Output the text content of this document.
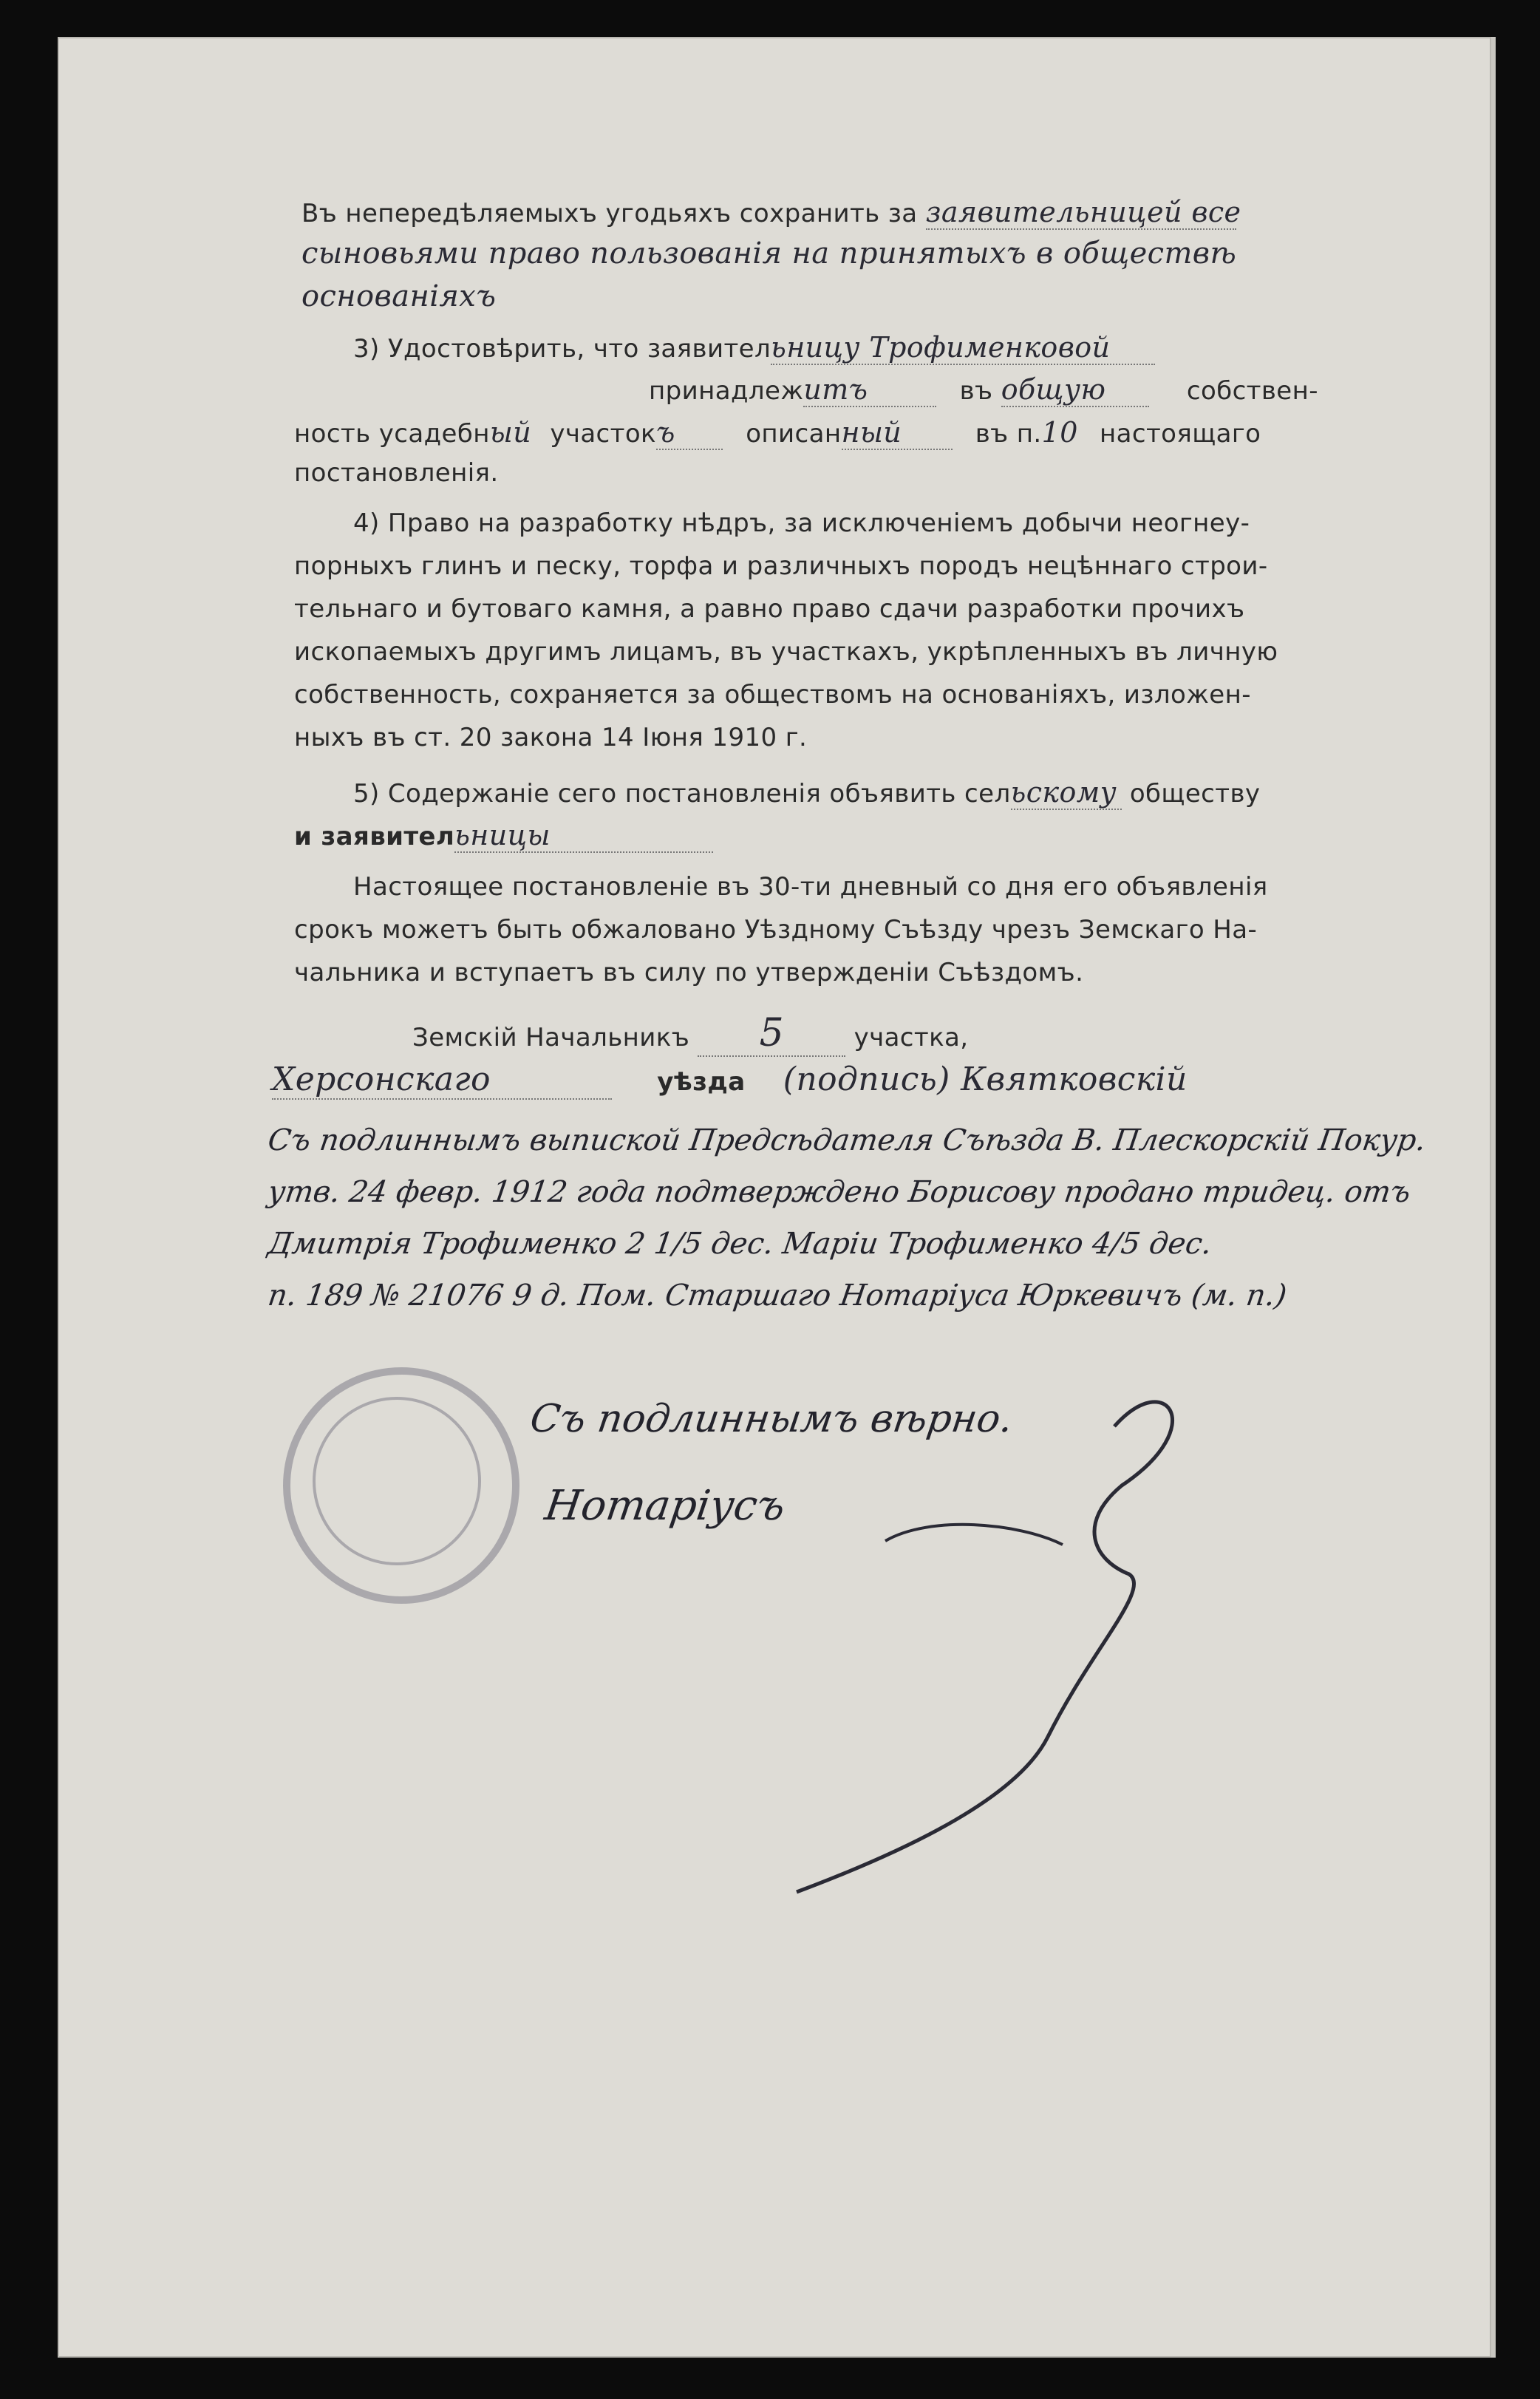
Въ непередѣляемыхъ угодьяхъ сохранить за заявительницей́ все
сыновьями право пользованія на принятыхъ в обществѣ
основаніяхъ
3) Удостовѣрить, что заявительницу Трофименковой
принадлежитъ	въ общую	собствен-
ность усадебный участокъ	описанный	въ п.10 настоящаго
постановленія.
4) Право на разработку нѣдръ, за исключеніемъ добычи неогнеу-
порныхъ глинъ и песку, торфа и различныхъ породъ нецѣннаго строи-
тельнаго и бутоваго камня, а равно право сдачи разработки прочихъ
ископаемыхъ другимъ лицамъ, въ участкахъ, укрѣпленныхъ въ личную
собственность, сохраняется за обществомъ на основаніяхъ, изложен-
ныхъ въ ст. 20 закона 14 Іюня 1910 г.
5) Содержаніе сего постановленія объявить сельскому обществу
и заявительницы
Настоящее постановленіе въ 30-ти дневный со дня его объявленія
срокъ можетъ быть обжаловано Уѣздному Съѣзду чрезъ Земскаго На-
чальника и вступаетъ въ силу по утвержденіи Съѣздомъ.
Земскій Начальникъ 5	участка,
Херсонскаго	уѣзда (подпись) Квятковскій
Съ подлиннымъ выпиской Предсѣдателя Съѣзда В. Плескорскій Покур.
утв. 24 февр. 1912 года подтверждено Борисову продано тридец. отъ
Дмитрія Трофименко 2 1/5 дес. Маріи Трофименко 4/5 дес.
п. 189 № 21076 9 д. Пом. Старшаго Нотаріуса Юркевичъ (м. п.)
Съ подлиннымъ вѣрно.
Нотаріусъ
